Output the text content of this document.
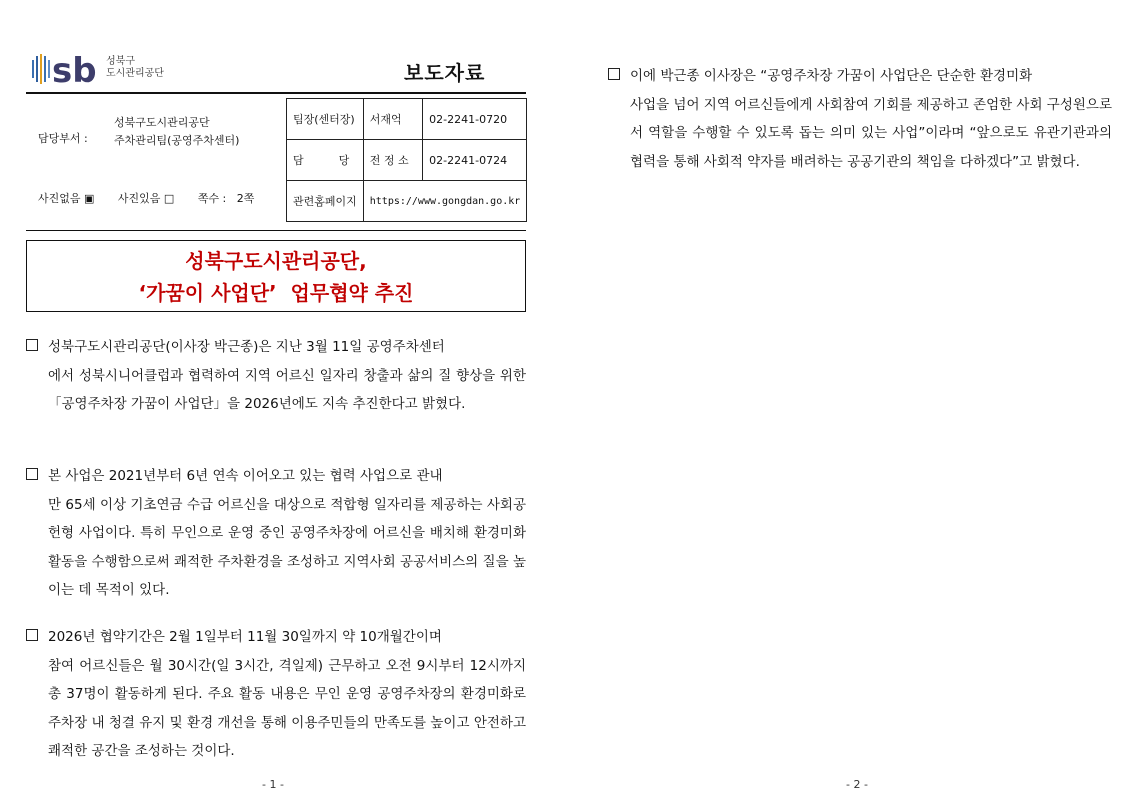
sb 성북구
도시관리공단	보도자료
담당부서 :
성북구도시관리공단
주차관리팀(공영주차센터)
팀장(센터장)	서재억	02-2241-0720
담          당	전 정 소	02-2241-0724
관련홈페이지	https://www.gongdan.go.kr	
사진없음 ▣ 사진있음 □ 쪽수 :   2쪽
성북구도시관리공단,
‘가꿈이 사업단’  업무협약 추진
성북구도시관리공단(이사장 박근종)은 지난 3월 11일 공영주차센터
에서 성북시니어클럽과 협력하여 지역 어르신 일자리 창출과 삶의 질 향상을 위한 「공영주차장 가꿈이 사업단」을 2026년에도 지속 추진한다고 밝혔다.
본 사업은 2021년부터 6년 연속 이어오고 있는 협력 사업으로 관내
만 65세 이상 기초연금 수급 어르신을 대상으로 적합형 일자리를 제공하는 사회공헌형 사업이다. 특히 무인으로 운영 중인 공영주차장에 어르신을 배치해 환경미화 활동을 수행함으로써 쾌적한 주차환경을 조성하고 지역사회 공공서비스의 질을 높이는 데 목적이 있다.
2026년 협약기간은 2월 1일부터 11월 30일까지 약 10개월간이며
참여 어르신들은 월 30시간(일 3시간, 격일제) 근무하고 오전 9시부터 12시까지 총 37명이 활동하게 된다. 주요 활동 내용은 무인 운영 공영주차장의 환경미화로 주차장 내 청결 유지 및 환경 개선을 통해 이용주민들의 만족도를 높이고 안전하고 쾌적한 공간을 조성하는 것이다.
이에 박근종 이사장은 “공영주차장 가꿈이 사업단은 단순한 환경미화
사업을 넘어 지역 어르신들에게 사회참여 기회를 제공하고 존엄한 사회 구성원으로서 역할을 수행할 수 있도록 돕는 의미 있는 사업”이라며 “앞으로도 유관기관과의 협력을 통해 사회적 약자를 배려하는 공공기관의 책임을 다하겠다”고 밝혔다.
- 1 -	- 2 -
